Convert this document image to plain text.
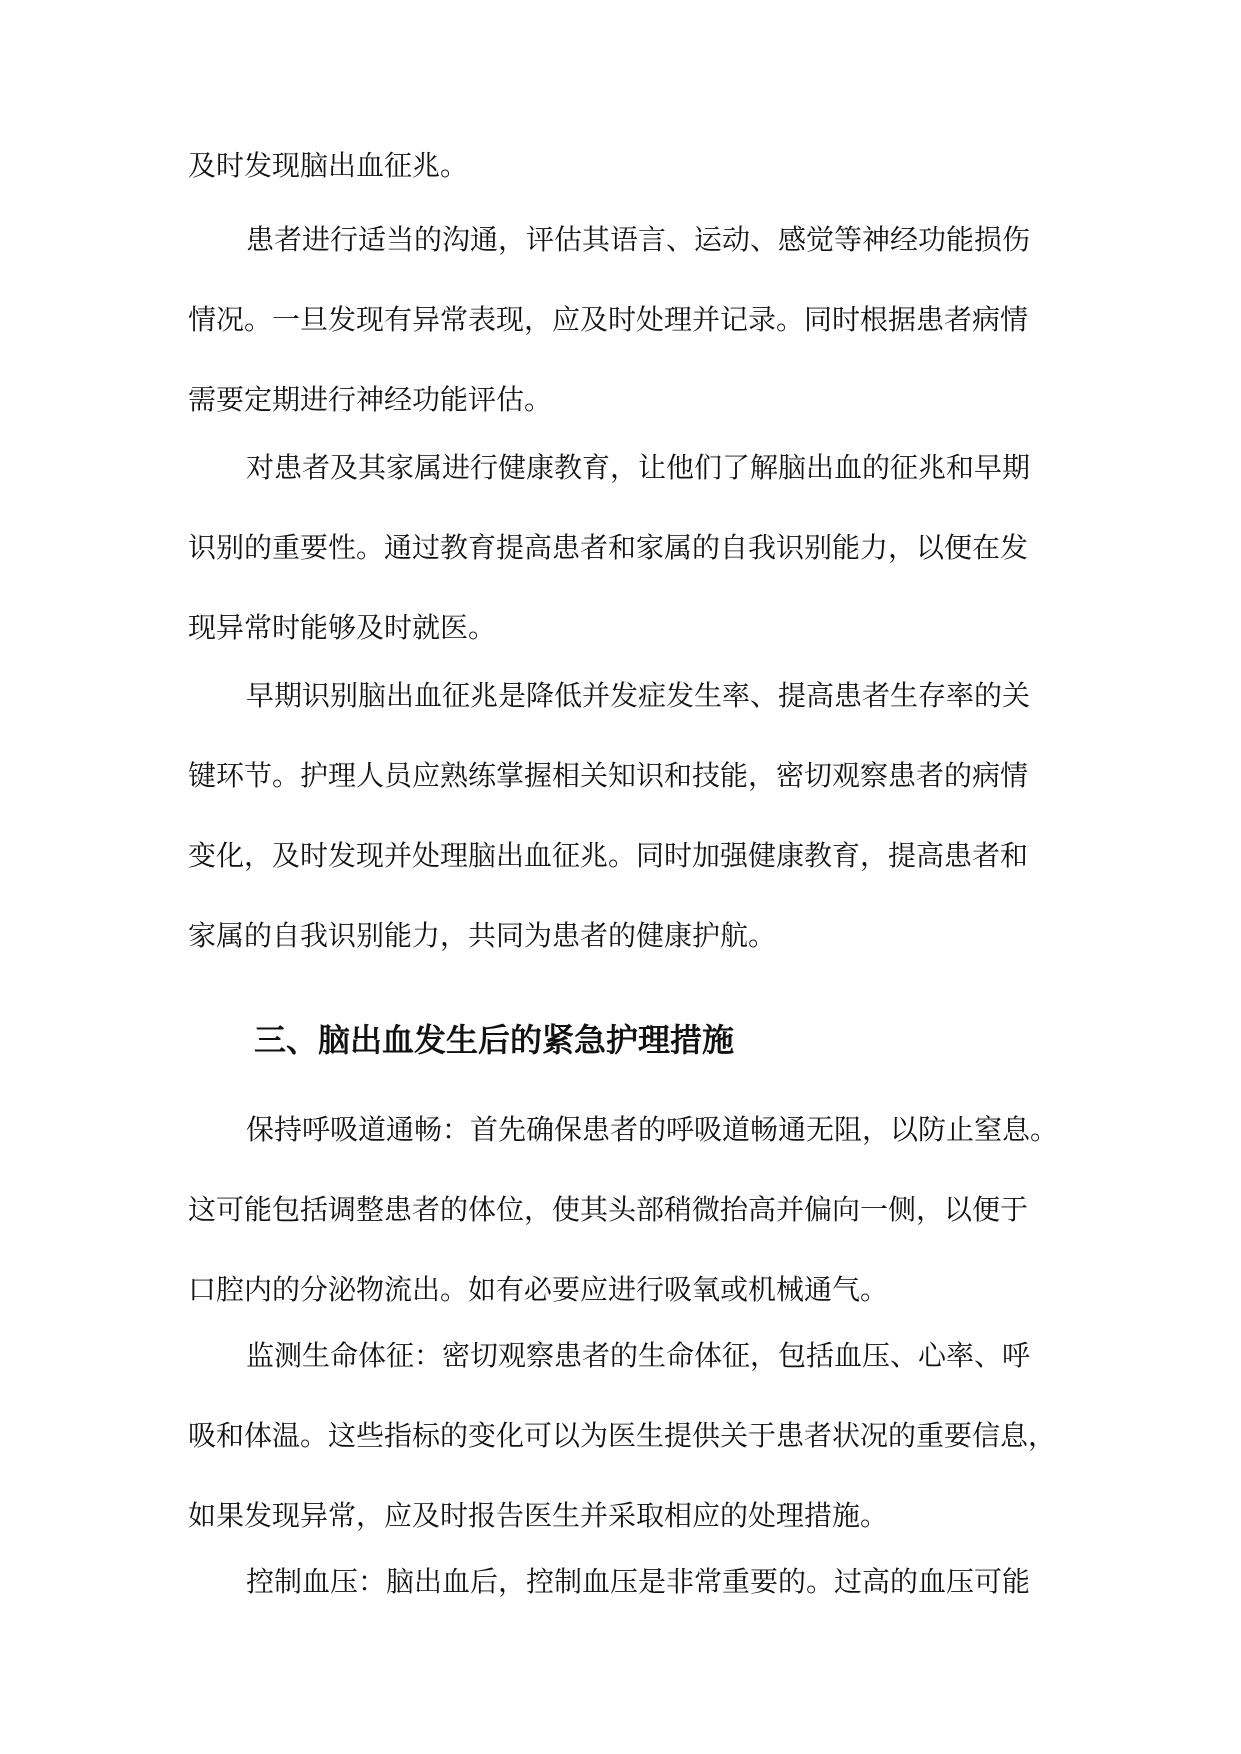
及时发现脑出血征兆。
患者进行适当的沟通，评估其语言、运动、感觉等神经功能损伤
情况。一旦发现有异常表现，应及时处理并记录。同时根据患者病情
需要定期进行神经功能评估。
对患者及其家属进行健康教育，让他们了解脑出血的征兆和早期
识别的重要性。通过教育提高患者和家属的自我识别能力，以便在发
现异常时能够及时就医。
早期识别脑出血征兆是降低并发症发生率、提高患者生存率的关
键环节。护理人员应熟练掌握相关知识和技能，密切观察患者的病情
变化，及时发现并处理脑出血征兆。同时加强健康教育，提高患者和
家属的自我识别能力，共同为患者的健康护航。
三、脑出血发生后的紧急护理措施
保持呼吸道通畅：首先确保患者的呼吸道畅通无阻，以防止窒息。
这可能包括调整患者的体位，使其头部稍微抬高并偏向一侧，以便于
口腔内的分泌物流出。如有必要应进行吸氧或机械通气。
监测生命体征：密切观察患者的生命体征，包括血压、心率、呼
吸和体温。这些指标的变化可以为医生提供关于患者状况的重要信息，
如果发现异常，应及时报告医生并采取相应的处理措施。
控制血压：脑出血后，控制血压是非常重要的。过高的血压可能
